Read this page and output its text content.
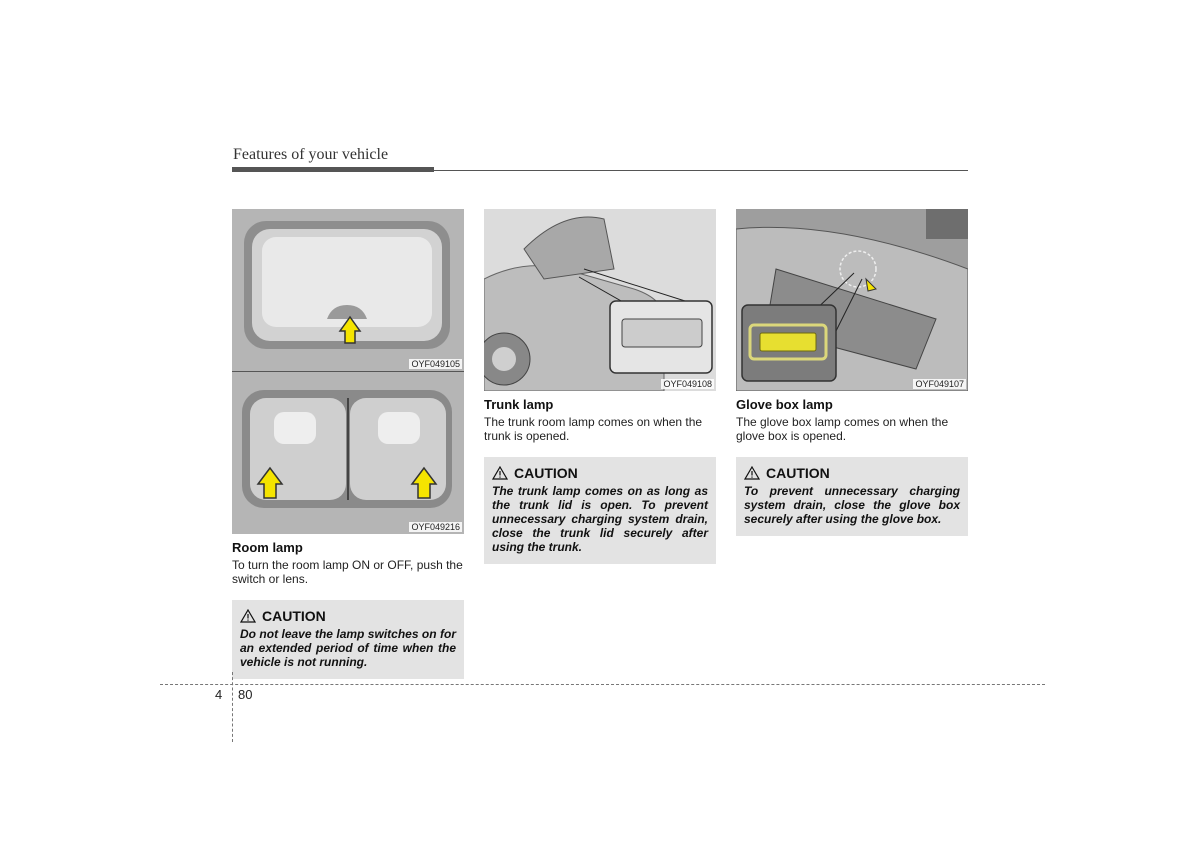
Features of your vehicle
OYF049105
OYF049216
Room lamp
To turn the room lamp ON or OFF, push the switch or lens.
CAUTION
Do not leave the lamp switches on for an extended period of time when the vehicle is not running.
OYF049108
Trunk lamp
The trunk room lamp comes on when the trunk is opened.
CAUTION
The trunk lamp comes on as long as the trunk lid is open. To prevent unnecessary charging system drain, close the trunk lid securely after using the trunk.
OYF049107
Glove box lamp
The glove box lamp comes on when the glove box is opened.
CAUTION
To prevent unnecessary charging system drain, close the glove box securely after using the glove box.
4 80
